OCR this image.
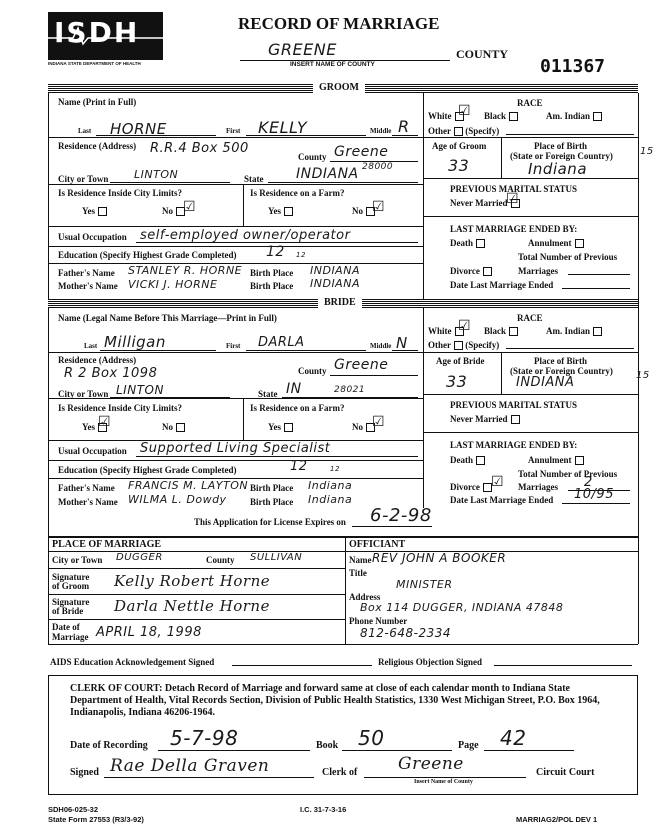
ISDH
INDIANA STATE DEPARTMENT OF HEALTH
RECORD OF MARRIAGE
GREENE
INSERT NAME OF COUNTY
COUNTY
011367
GROOM
Name (Print in Full)
Last HORNE	First KELLY	Middle R
Residence (Address) R.R.4 Box 500
County Greene
28000
City or Town LINTON	State INDIANA
Is Residence Inside City Limits?
Yes	No ☑
Is Residence on a Farm?
Yes	No ☑
Usual Occupation self-employed owner/operator
Education (Specify Highest Grade Completed) 12 12
Father's Name STANLEY R. HORNE Birth Place INDIANA
Mother's Name VICKI J. HORNE	Birth Place INDIANA
RACE
White ☑ Black	Am. Indian
Other (Specify)
Age of Groom
33
Place of Birth
(State or Foreign Country)
Indiana
15
PREVIOUS MARITAL STATUS
Never Married
☑
LAST MARRIAGE ENDED BY:
Death	Annulment
Total Number of Previous
Divorce	Marriages
Date Last Marriage Ended
BRIDE
Name (Legal Name Before This Marriage—Print in Full)
Last Milligan	First DARLA	Middle N
Residence (Address)
R 2 Box 1098	County Greene
City or Town LINTON	State IN	28021
Is Residence Inside City Limits?
Yes ☑	No
Is Residence on a Farm?
Yes	No ☑
Usual Occupation Supported Living Specialist
Education (Specify Highest Grade Completed)	12	12
Father's Name FRANCIS M. LAYTON Birth Place Indiana
Mother's Name WILMA L. Dowdy	Birth Place Indiana
RACE
White ☑ Black	Am. Indian
Other (Specify)
Age of Bride
33
Place of Birth
(State or Foreign Country)
INDIANA	15
PREVIOUS MARITAL STATUS
Never Married
LAST MARRIAGE ENDED BY:
Death	Annulment
Total Number of Previous
Divorce ☑ Marriages 2
Date Last Marriage Ended 10/95
This Application for License Expires on 6-2-98
PLACE OF MARRIAGE
City or Town DUGGER	County SULLIVAN
Signature
of Groom Kelly Robert Horne
Signature
of Bride Darla Nettle Horne
Date of
Marriage APRIL 18, 1998
OFFICIANT
Name REV JOHN A BOOKER
Title
MINISTER
Address
Box 114 DUGGER, INDIANA 47848
Phone Number
812-648-2334
AIDS Education Acknowledgement Signed	Religious Objection Signed
CLERK OF COURT: Detach Record of Marriage and forward same at close of each calendar month to Indiana State Department of Health, Vital Records Section, Division of Public Health Statistics, 1330 West Michigan Street, P.O. Box 1964, Indianapolis, Indiana 46206-1964.
Date of Recording 5-7-98	Book 50	Page 42
Signed Rae Della Graven	Clerk of Greene
Insert Name of County
Circuit Court
SDH06-025-32
State Form 27553 (R3/3-92)
I.C. 31-7-3-16
MARRIAG2/POL DEV 1
